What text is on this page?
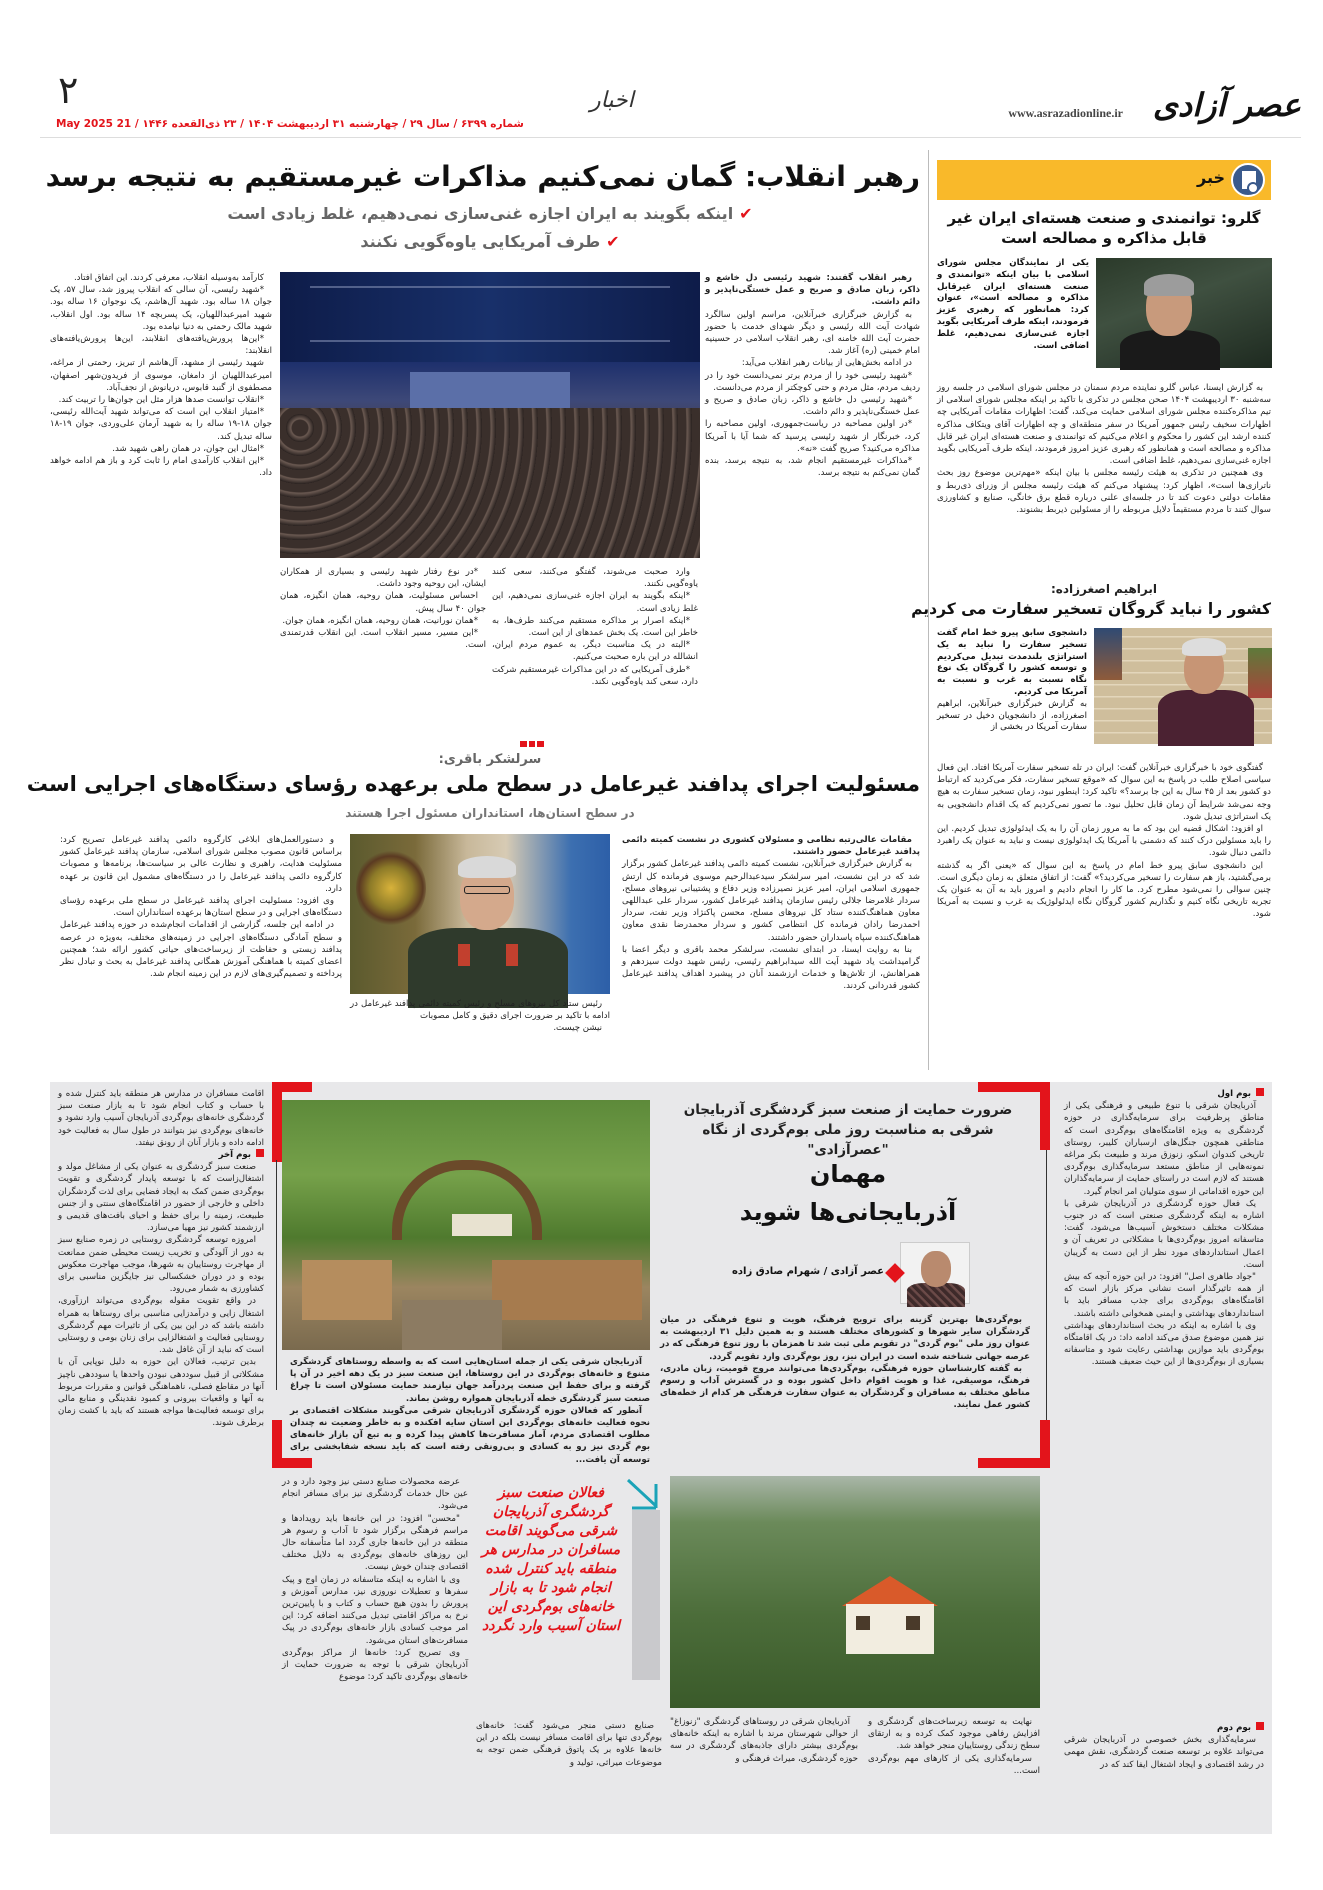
عصر آزادی
www.asrazadionline.ir
اخبار
۲
شماره ۶۳۹۹ / سال ۲۹ / چهارشنبه ۳۱ اردیبهشت ۱۴۰۴ / ۲۳ ذی‌القعده ۱۴۴۶ / 21 May 2025
رهبر انقلاب: گمان نمی‌کنیم مذاکرات غیرمستقیم به نتیجه برسد
✔اینکه بگویند به ایران اجازه غنی‌سازی نمی‌دهیم، غلط زیادی است
✔طرف آمریکایی یاوه‌گویی نکنند

رهبر انقلاب گفتند: شهید رئیسی دل خاشع و ذاکر، زبان صادق و صریح و عمل خستگی‌ناپذیر و دائم داشت.

به گزارش خبرگزاری خبرآنلاین، مراسم اولین سالگرد شهادت آیت الله رئیسی و دیگر شهدای خدمت با حضور حضرت آیت الله خامنه ای، رهبر انقلاب اسلامی در حسینیه امام خمینی (ره) آغاز شد.

در ادامه بخش‌هایی از بیانات رهبر انقلاب می‌آید:

*شهید رئیسی خود را از مردم برتر نمی‌دانست خود را در ردیف مردم، مثل مردم و حتی کوچکتر از مردم می‌دانست.

*شهید رئیسی دل خاشع و ذاکر، زبان صادق و صریح و عمل خستگی‌ناپذیر و دائم داشت.

*در اولین مصاحبه در ریاست‌جمهوری، اولین مصاحبه را کرد، خبرنگار از شهید رئیسی پرسید که شما آیا با آمریکا مذاکره می‌کنید؟ صریح گفت «نه».

*مذاکرات غیرمستقیم انجام شد، به نتیجه برسد، بنده گمان نمی‌کنم به نتیجه برسد.

کارآمد به‌وسیله انقلاب، معرفی کردند. این اتفاق افتاد.

*شهید رئیسی، آن سالی که انقلاب پیروز شد، سال ۵۷، یک جوان ۱۸ ساله بود. شهید آل‌هاشم، یک نوجوان ۱۶ ساله بود. شهید امیرعبداللهیان، یک پسربچه ۱۴ ساله بود. اول انقلاب، شهید مالک رحمتی به دنیا نیامده بود.

*این‌ها پرورش‌یافته‌های انقلابند، این‌ها پرورش‌یافته‌های انقلابند:

شهید رئیسی از مشهد، آل‌هاشم از تبریز، رحمتی از مراغه، امیرعبداللهیان از دامغان، موسوی از فریدون‌شهر اصفهان، مصطفوی از گنبد قابوس، دریانوش از نجف‌آباد.

*انقلاب توانست صدها هزار مثل این جوان‌ها را تربیت کند.

*امتیاز انقلاب این است که می‌تواند شهید آیت‌الله رئیسی، جوان ۱۸-۱۹ ساله را به شهید آرمان علی‌وردی، جوان ۱۹-۱۸ ساله تبدیل کند.

*امثال این جوان، در همان راهی شهید شد.

*این انقلاب کارآمدی امام را ثابت کرد و باز هم ادامه خواهد داد.

وارد صحبت می‌شوند، گفتگو می‌کنند، سعی کنند یاوه‌گویی نکنند.

*اینکه بگویند به ایران اجازه غنی‌سازی نمی‌دهیم، این غلط زیادی است.

*اینکه اصرار بر مذاکره مستقیم می‌کنند طرف‌ها، به خاطر این است. یک بخش عمدهای از این است.

*البته در یک مناسبت دیگر، به عموم مردم ایران، انشالله در این باره صحبت می‌کنیم.

*طرف آمریکایی که در این مذاکرات غیرمستقیم شرکت دارد، سعی کند یاوه‌گویی نکند.

*در نوع رفتار شهید رئیسی و بسیاری از همکاران ایشان، این روحیه وجود داشت.

احساس مسئولیت، همان روحیه، همان انگیزه، همان جوان ۴۰ سال پیش.

*همان نورانیت، همان روحیه، همان انگیزه، همان جوان.

*این مسیر، مسیر انقلاب است. این انقلاب قدرتمندی است.

خبر
گلرو: توانمندی و صنعت هسته‌ای ایران غیر قابل مذاکره و مصالحه است
یکی از نمایندگان مجلس شورای اسلامی با بیان اینکه «توانمندی و صنعت هسته‌ای ایران غیرقابل مذاکره و مصالحه است»، عنوان کرد: همانطور که رهبری عزیز فرمودند، اینکه طرف آمریکایی بگوید اجازه غنی‌سازی نمی‌دهیم، غلط اضافی است.

به گزارش ایسنا، عباس گلرو نماینده مردم سمنان در مجلس شورای اسلامی در جلسه روز سه‌شنبه ۳۰ اردیبهشت ۱۴۰۴ صحن مجلس در تذکری با تاکید بر اینکه مجلس شورای اسلامی از تیم مذاکره‌کننده مجلس شورای اسلامی حمایت می‌کند، گفت: اظهارات مقامات آمریکایی چه اظهارات سخیف رئیس جمهور آمریکا در سفر منطقه‌ای و چه اظهارات آقای ویتکاف مذاکره کننده ارشد این کشور را محکوم و اعلام می‌کنیم که توانمندی و صنعت هسته‌ای ایران غیر قابل مذاکره و مصالحه است و همانطور که رهبری عزیز امروز فرمودند، اینکه طرف آمریکایی بگوید اجازه غنی‌سازی نمی‌دهیم، غلط اضافی است.

وی همچنین در تذکری به هیئت رئیسه مجلس با بیان اینکه «مهم‌ترین موضوع روز بحث ناترازی‌ها است»، اظهار کرد: پیشنهاد می‌کنم که هیئت رئیسه مجلس از وزرای ذی‌ربط و مقامات دولتی دعوت کند تا در جلسه‌ای علنی درباره قطع برق خانگی، صنایع و کشاورزی سوال کنند تا مردم مستقیماً دلایل مربوطه را از مسئولین ذیربط بشنوند.

ابراهیم اصغرزاده:
کشور را نباید گروگان تسخیر سفارت می کردیم
دانشجوی سابق پیرو خط امام گفت تسخیر سفارت را نباید به یک استراتژی بلندمدت تبدیل می‌کردیم و توسعه کشور را گروگان یک نوع نگاه نسبت به غرب و نسبت به آمریکا می کردیم.
به گزارش خبرگزاری خبرآنلاین، ابراهیم اصغرزاده، از دانشجویان دخیل در تسخیر سفارت آمریکا در بخشی از

گفتگوی خود با خبرگزاری خبرآنلاین گفت: ایران در تله تسخیر سفارت آمریکا افتاد. این فعال سیاسی اصلاح طلب در پاسخ به این سوال که «موقع تسخیر سفارت، فکر می‌کردید که ارتباط دو کشور بعد از ۴۵ سال به این جا برسد؟» تاکید کرد: اینطور نبود، زمان تسخیر سفارت به هیچ وجه نمی‌شد شرایط آن زمان قابل تحلیل نبود. ما تصور نمی‌کردیم که یک اقدام دانشجویی به یک استراتژی تبدیل شود.

او افزود: اشکال قضیه این بود که ما به مرور زمان آن را به یک ایدئولوژی تبدیل کردیم. این را باید مسئولین درک کنند که دشمنی با آمریکا یک ایدئولوژی نیست و نباید به عنوان یک راهبرد دائمی دنبال شود.

این دانشجوی سابق پیرو خط امام در پاسخ به این سوال که «یعنی اگر به گذشته برمی‌گشتید، باز هم سفارت را تسخیر می‌کردید؟» گفت: از اتفاق متعلق به زمان دیگری است. چنین سوالی را نمی‌شود مطرح کرد. ما کار را انجام دادیم و امروز باید به آن به عنوان یک تجربه تاریخی نگاه کنیم و نگذاریم کشور گروگان نگاه ایدئولوژیک به غرب و نسبت به آمریکا شود.

سرلشکر باقری:
مسئولیت اجرای پدافند غیرعامل در سطح ملی برعهده رؤسای دستگاه‌های اجرایی است
در سطح استان‌ها، استانداران مسئول اجرا هستند

رئیس ستاد کل نیروهای مسلح و رئیس کمیته دائمی پدافند غیرعامل در ادامه با تاکید بر ضرورت اجرای دقیق و کامل مصوبات

نیشن چیست.

مقامات عالی‌رتبه نظامی و مسئولان کشوری در نشست کمیته دائمی پدافند غیرعامل حضور داشتند.

به گزارش خبرگزاری خبرآنلاین، نشست کمیته دائمی پدافند غیرعامل کشور برگزار شد که در این نشست، امیر سرلشکر سیدعبدالرحیم موسوی فرمانده کل ارتش جمهوری اسلامی ایران، امیر عزیز نصیرزاده وزیر دفاع و پشتیبانی نیروهای مسلح، سردار غلامرضا جلالی رئیس سازمان پدافند غیرعامل کشور، سردار علی عبداللهی معاون هماهنگ‌کننده ستاد کل نیروهای مسلح، محسن پاکنژاد وزیر نفت، سردار احمدرضا رادان فرمانده کل انتظامی کشور و سردار محمدرضا نقدی معاون هماهنگ‌کننده سپاه پاسداران حضور داشتند.

بنا به روایت ایسنا، در ابتدای نشست، سرلشکر محمد باقری و دیگر اعضا با گرامیداشت یاد شهید آیت الله سیدابراهیم رئیسی، رئیس شهید دولت سیزدهم و همراهانش، از تلاش‌ها و خدمات ارزشمند آنان در پیشبرد اهداف پدافند غیرعامل کشور قدردانی کردند.

و دستورالعمل‌های ابلاغی کارگروه دائمی پدافند غیرعامل تصریح کرد: براساس قانون مصوب مجلس شورای اسلامی، سازمان پدافند غیرعامل کشور مسئولیت هدایت، راهبری و نظارت عالی بر سیاست‌ها، برنامه‌ها و مصوبات کارگروه دائمی پدافند غیرعامل را در دستگاه‌های مشمول این قانون بر عهده دارد.

وی افزود: مسئولیت اجرای پدافند غیرعامل در سطح ملی برعهده رؤسای دستگاه‌های اجرایی و در سطح استان‌ها برعهده استانداران است.

در ادامه این جلسه، گزارشی از اقدامات انجام‌شده در حوزه پدافند غیرعامل و سطح آمادگی دستگاه‌های اجرایی در زمینه‌های مختلف، به‌ویژه در عرصه پدافند زیستی و حفاظت از زیرساخت‌های حیاتی کشور ارائه شد؛ همچنین اعضای کمیته با هماهنگی آموزش همگانی پدافند غیرعامل به بحث و تبادل نظر پرداخته و تصمیم‌گیری‌های لازم در این زمینه انجام شد.

ضرورت حمایت از صنعت سبز گردشگری آذربایجان شرقی به مناسبت روز ملی بوم‌گردی از نگاه "عصرآزادی"
مهمان
آذربایجانی‌ها شوید
عصر آزادی / شهرام صادق زاده

بوم‌گردی‌ها بهترین گزینه برای ترویج فرهنگ، هویت و تنوع فرهنگی در میان گردشگران سایر شهرها و کشورهای مختلف هستند و به همین دلیل ۳۱ اردیبهشت به عنوان روز ملی "بوم گردی" در تقویم ملی ثبت شد تا همزمان با روز تنوع فرهنگی که در عرصه جهانی شناخته شده است در ایران نیز، روز بوم‌گردی وارد تقویم گردد.

به گفته کارشناسان حوزه فرهنگی، بوم‌گردی‌ها می‌توانند مروج قومیت، زبان مادری، فرهنگ، موسیقی، غذا و هویت اقوام داخل کشور بوده و در گسترش آداب و رسوم مناطق مختلف به مسافران و گردشگران به عنوان سفارت فرهنگی هر کدام از خطه‌های کشور عمل نمایند.

آذربایجان شرقی یکی از جمله استان‌هایی است که به واسطه روستاهای گردشگری متنوع و خانه‌های بوم‌گردی در این روستاها، این صنعت سبز در یک دهه اخیر در آن پا گرفته و برای حفظ این صنعت پردرآمد جهان نیازمند حمایت مسئولان است تا چراغ صنعت سبز گردشگری خطه آذربایجان همواره روشن بماند.

آنطور که فعالان حوزه گردشگری آذربایجان شرقی می‌گویند مشکلات اقتصادی بر نحوه فعالیت خانه‌های بوم‌گردی این استان سایه افکنده و به خاطر وضعیت نه چندان مطلوب اقتصادی مردم، آمار مسافرت‌ها کاهش پیدا کرده و به تبع آن بازار خانه‌های بوم گردی نیز رو به کسادی و بی‌رونقی رفته است که باید نسخه شفابخشی برای توسعه آن یافت...

فعالان صنعت سبز گردشگری آذربایجان شرقی می‌گویند اقامت مسافران در مدارس هر منطقه باید کنترل شده انجام شود تا به بازار خانه‌های بوم‌گردی این استان آسیب وارد نگردد
بوم اول

آذربایجان شرقی با تنوع طبیعی و فرهنگی یکی از مناطق پرظرفیت برای سرمایه‌گذاری در حوزه گردشگری به ویژه اقامتگاه‌های بوم‌گردی است که مناطقی همچون جنگل‌های ارسباران کلیبر، روستای تاریخی کندوان اسکو، زنوزق مرند و طبیعت بکر مراغه نمونه‌هایی از مناطق مستعد سرمایه‌گذاری بوم‌گردی هستند که لازم است در راستای حمایت از سرمایه‌گذاران این حوزه اقداماتی از سوی متولیان امر انجام گیرد.

یک فعال حوزه گردشگری در آذربایجان شرقی با اشاره به اینکه گردشگری صنعتی است که در جنوب مشکلات مختلف دستخوش آسیب‌ها می‌شود، گفت: متاسفانه امروز بوم‌گردی‌ها با مشکلاتی در تعریف آن و اعمال استانداردهای مورد نظر از این دست به گریبان است.

"جواد طاهری اصل" افزود: در این حوزه آنچه که بیش از همه تاثیرگذار است نشانی مرکز بازار است که اقامتگاه‌های بوم‌گردی برای جذب مسافر باید با استانداردهای بهداشتی و ایمنی همخوانی داشته باشند.

وی با اشاره به اینکه در بحث استانداردهای بهداشتی نیز همین موضوع صدق می‌کند ادامه داد: در یک اقامتگاه بوم‌گردی باید موازین بهداشتی رعایت شود و متاسفانه بسیاری از بوم‌گردی‌ها از این حیث ضعیف هستند.

بوم دوم

سرمایه‌گذاری بخش خصوصی در آذربایجان شرقی می‌تواند علاوه بر توسعه صنعت گردشگری، نقش مهمی در رشد اقتصادی و ایجاد اشتغال ایفا کند که در

اقامت مسافران در مدارس هر منطقه باید کنترل شده و با حساب و کتاب انجام شود تا به بازار صنعت سبز گردشگری خانه‌های بوم‌گردی آذربایجان آسیب وارد نشود و خانه‌های بوم‌گردی نیز بتوانند در طول سال به فعالیت خود ادامه داده و بازار آنان از رونق نیفتد.

بوم آخر

صنعت سبز گردشگری به عنوان یکی از مشاغل مولد و اشتغال‌زاست که با توسعه پایدار گردشگری و تقویت بوم‌گردی ضمن کمک به ایجاد فضایی برای لذت گردشگران داخلی و خارجی از حضور در اقامتگاه‌های سنتی و از جنس طبیعت، زمینه را برای حفظ و احیای بافت‌های قدیمی و ارزشمند کشور نیز مهیا می‌سازد.

امروزه توسعه گردشگری روستایی در زمره صنایع سبز به دور از آلودگی و تخریب زیست محیطی ضمن ممانعت از مهاجرت روستاییان به شهرها، موجب مهاجرت معکوس بوده و در دوران خشکسالی نیز جایگزین مناسبی برای کشاورزی به شمار می‌رود.

در واقع تقویت مقوله بوم‌گردی می‌تواند ارزآوری، اشتغال زایی و درآمدزایی مناسبی برای روستاها به همراه داشته باشد که در این بین یکی از تاثیرات مهم گردشگری روستایی فعالیت و اشتغالزایی برای زنان بومی و روستایی است که نباید از آن غافل شد.

بدین ترتیب، فعالان این حوزه به دلیل نوپایی آن با مشکلاتی از قبیل سوددهی نبودن واحدها یا سوددهی ناچیز آنها در مقاطع فصلی، ناهماهنگی قوانین و مقررات مربوط به آنها و واقعیات بیرونی و کمبود نقدینگی و منابع مالی برای توسعه فعالیت‌ها مواجه هستند که باید با کشت زمان برطرف شوند.

نهایت به توسعه زیرساخت‌های گردشگری و افزایش رفاهی موجود کمک کرده و به ارتقای سطح زندگی روستاییان منجر خواهد شد.

سرمایه‌گذاری یکی از کارهای مهم بوم‌گردی است...

آذربایجان شرقی در روستاهای گردشگری "زنوزاغ" از حوالی شهرستان مرند با اشاره به اینکه خانه‌های بوم‌گردی بیشتر دارای جاذبه‌های گردشگری در سه حوزه گردشگری، میراث فرهنگی و

صنایع دستی منجر می‌شود گفت: خانه‌های بوم‌گردی تنها برای اقامت مسافر نیست بلکه در این خانه‌ها علاوه بر یک پاتوق فرهنگی ضمن توجه به موضوعات میراثی، تولید و

عرضه محصولات صنایع دستی نیز وجود دارد و در عین حال خدمات گردشگری نیز برای مسافر انجام می‌شود.

"محسن" افزود: در این خانه‌ها باید رویدادها و مراسم فرهنگی برگزار شود تا آداب و رسوم هر منطقه در این خانه‌ها جاری گردد اما متأسفانه حال این روزهای خانه‌های بوم‌گردی به دلایل مختلف اقتصادی چندان خوش نیست.

وی با اشاره به اینکه متاسفانه در زمان اوج و پیک سفرها و تعطیلات نوروزی نیز، مدارس آموزش و پرورش را بدون هیچ حساب و کتاب و با پایین‌ترین نرخ به مراکز اقامتی تبدیل می‌کنند اضافه کرد: این امر موجب کسادی بازار خانه‌های بوم‌گردی در پیک مسافرت‌های استان می‌شود.

وی تصریح کرد: خانه‌ها از مراکز بوم‌گردی آذربایجان شرقی با توجه به ضرورت حمایت از خانه‌های بوم‌گردی تاکید کرد: موضوع
